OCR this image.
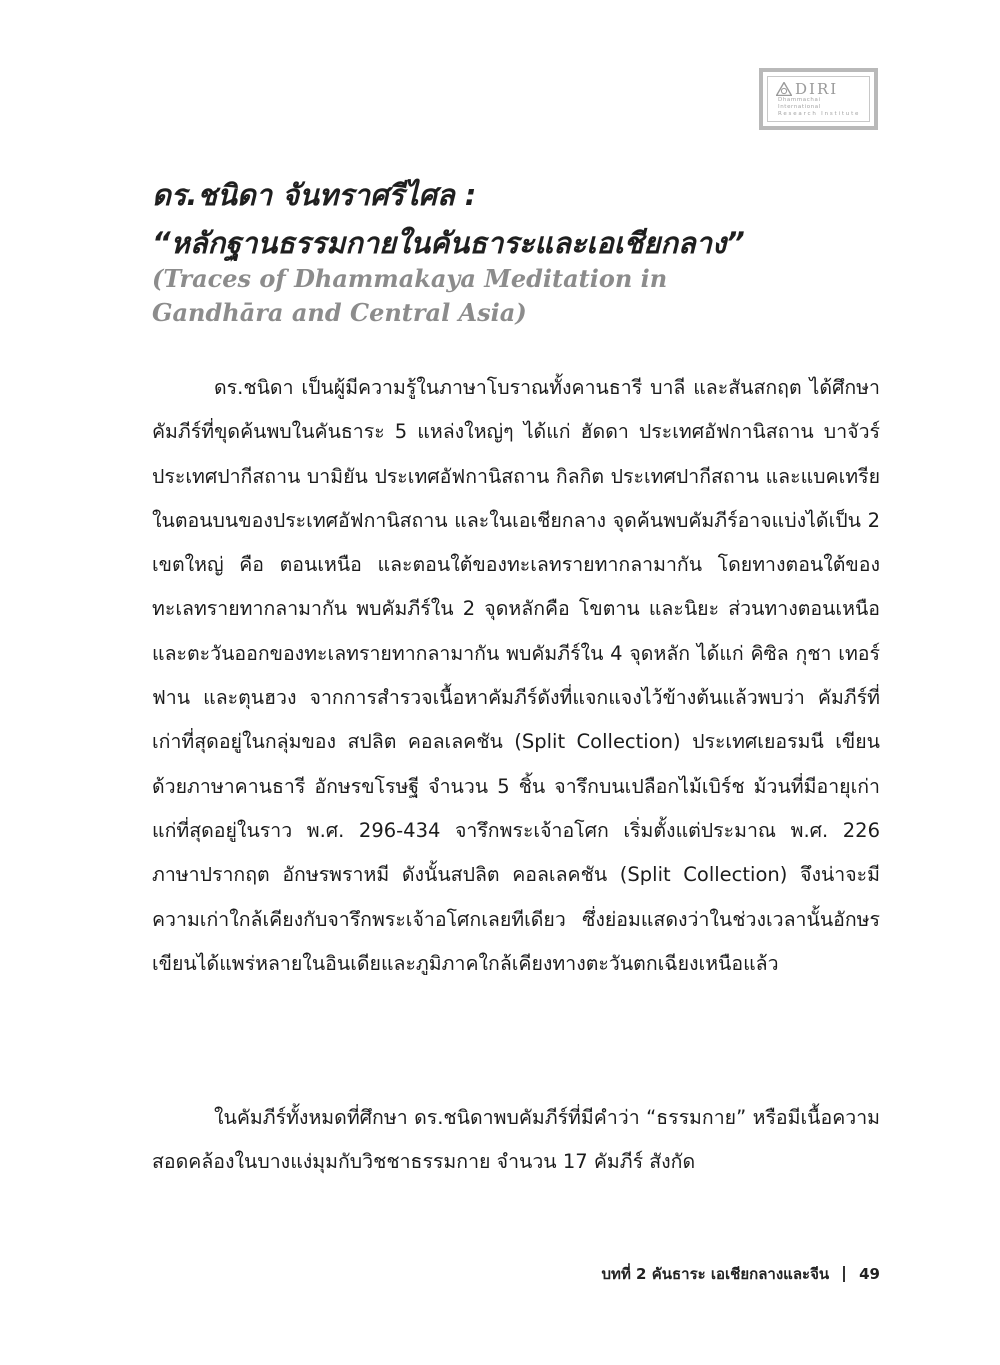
DIRI
Dhammachai International
Research Institute
ดร.ชนิดา จันทราศรีไศล :
“หลักฐานธรรมกายในคันธาระและเอเชียกลาง”

(Traces of Dhammakaya Meditation in Gandhāra and Central Asia)

ดร.ชนิดา เป็นผู้มีความรู้ในภาษาโบราณทั้งคานธารี บาลี และสันสกฤต ได้ศึกษาคัมภีร์ที่ขุดค้นพบในคันธาระ 5 แหล่งใหญ่ๆ ได้แก่ ฮัดดา ประเทศอัฟกานิสถาน บาจัวร์ ประเทศปากีสถาน บามิยัน ประเทศอัฟกานิสถาน กิลกิต ประเทศปากีสถาน และแบคเทรีย ในตอนบนของประเทศอัฟกานิสถาน และในเอเชียกลาง จุดค้นพบคัมภีร์อาจแบ่งได้เป็น 2 เขตใหญ่ คือ ตอนเหนือ และตอนใต้ของทะเลทรายทากลามากัน โดยทางตอนใต้ของทะเลทรายทากลามากัน พบคัมภีร์ใน 2 จุดหลักคือ โขตาน และนิยะ ส่วนทางตอนเหนือและตะวันออกของทะเลทรายทากลามากัน พบคัมภีร์ใน 4 จุดหลัก ได้แก่ คิซิล กุชา เทอร์ฟาน และตุนฮวง จากการสำรวจเนื้อหาคัมภีร์ดังที่แจกแจงไว้ข้างต้นแล้วพบว่า คัมภีร์ที่เก่าที่สุดอยู่ในกลุ่มของ สปลิต คอลเลคชัน (Split Collection) ประเทศเยอรมนี เขียนด้วยภาษาคานธารี อักษรขโรษฐี จำนวน 5 ชิ้น จารึกบนเปลือกไม้เบิร์ช ม้วนที่มีอายุเก่าแก่ที่สุดอยู่ในราว พ.ศ. 296-434 จารึกพระเจ้าอโศก เริ่มตั้งแต่ประมาณ พ.ศ. 226 ภาษาปรากฤต อักษรพราหมี ดังนั้นสปลิต คอลเลคชัน (Split Collection) จึงน่าจะมีความเก่าใกล้เคียงกับจารึกพระเจ้าอโศกเลยทีเดียว ซึ่งย่อมแสดงว่าในช่วงเวลานั้นอักษรเขียนได้แพร่หลายในอินเดียและภูมิภาคใกล้เคียงทางตะวันตกเฉียงเหนือแล้ว

ในคัมภีร์ทั้งหมดที่ศึกษา ดร.ชนิดาพบคัมภีร์ที่มีคำว่า “ธรรมกาย” หรือมีเนื้อความสอดคล้องในบางแง่มุมกับวิชชาธรรมกาย จำนวน 17 คัมภีร์ สังกัด

บทที่ 2 คันธาระ เอเชียกลางและจีน 49
